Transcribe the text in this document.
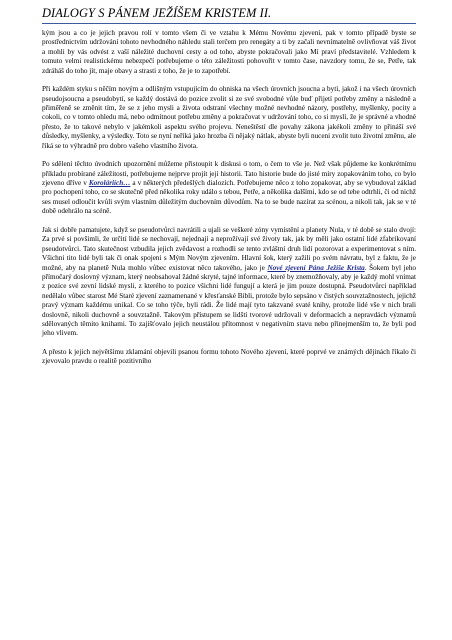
DIALOGY S PÁNEM JEŽÍŠEM KRISTEM II.

kým jsou a co je jejich pravou rolí v tomto všem či ve vztahu k Mému Novému zjevení, pak v tomto případě byste se prostřednictvím udržování tohoto nevhodného náhledu stali terčem pro renegáty a ti by začali nevnímatelně ovlivňovat váš život a mohli by vás odvést z vaší náležité duchovní cesty a od toho, abyste pokračovali jako Mí praví představitelé. Vzhledem k tomuto velmi realistickému nebezpečí potřebujeme o této záležitosti pohovořit v tomto čase, navzdory tomu, že se, Petře, tak zdráháš do toho jít, maje obavy a strasti z toho, že je to zapotřebí.

Při každém styku s něčím novým a odlišným vstupujícím do ohniska na všech úrovních jsoucna a bytí, jakož i na všech úrovních pseudojsoucna a pseudobytí, se každý dostává do pozice zvolit si ze své svobodné vůle buď přijetí potřeby změny a následně a přiměřeně se změnit tím, že se z jeho mysli a života odstraní všechny možné nevhodné názory, postřehy, myšlenky, pocity a cokoli, co v tomto ohledu má, nebo odmítnout potřebu změny a pokračovat v udržování toho, co si myslí, že je správné a vhodné přesto, že to takové nebylo v jakémkoli aspektu svého projevu. Neneštěstí dle povahy zákona jakékoli změny to přináší své důsledky, myšlenky, a výsledky. Toto se nyní neříká jako hrozba či nějaký nátlak, abyste byli nuceni zvolit tuto životní změnu, ale říká se to výhradně pro dobro vašeho vlastního života.

Po sdělení těchto úvodních upozornění můžeme přistoupit k diskusi o tom, o čem to vše je. Než však půjdeme ke konkrétnímu příkladu probírané záležitosti, potřebujeme nejprve projít její historii. Tato historie bude do jisté míry zopakováním toho, co bylo zjeveno dříve v Koroláriích… a v některých předešlých dialozích. Potřebujeme něco z toho zopakovat, aby se vybudoval základ pro pochopení toho, co se skutečně před několika roky událo s tebou, Petře, a několika dalšími, kdo se od tebe odtrhli, či od nichž ses musel odloučit kvůli svým vlastním důležitým duchovním důvodům. Na to se bude nazírat za scénou, a nikoli tak, jak se v té době odehrálo na scéně.

Jak si dobře pamatujete, když se pseudotvůrci navrátili a ujali se veškeré zóny vymístění a planety Nula, v té době se stalo dvojí: Za prvé si povšimli, že určití lidé se nechovají, nejednají a neprožívají své životy tak, jak by měli jako ostatní lidé zfabrikovaní pseudotvůrci. Tato skutečnost vzbudila jejich zvědavost a rozhodli se tento zvláštní druh lidí pozorovat a experimentovat s ním. Všichni tito lidé byli tak či onak spojeni s Mým Novým zjevením. Hlavní šok, který zažili po svém návratu, byl z faktu, že je možné, aby na planetě Nula mohlo vůbec existovat něco takového, jako je Nové zjevení Pána Ježíše Krista. Šokem byl jeho přímočarý doslovný význam, který neobsahoval žádné skryté, tajné informace, které by znemožňovaly, aby je každý mohl vnímat z pozice své zevní lidské mysli, z kterého to pozice všichni lidé fungují a která je jim pouze dostupná. Pseudotvůrci například nedělalo vůbec starost Mé Staré zjevení zaznamenané v křesťanské Bibli, protože bylo sepsáno v čistých souvztažnostech, jejichž pravý význam každému unikal. Co se toho týče, byli rádi. Že lidé mají tyto takzvané svaté knihy, protože lidé vše v nich brali doslovně, nikoli duchovně a souvztažně. Takovým přístupem se lidští tvorové udržovali v deformacích a nepravdách významů sdělovaných těmito knihami. To zajišťovalo jejich neustálou přítomnost v negativním stavu nebo přinejmenším to, že byli pod jeho vlivem.

A přesto k jejich největšímu zklamání objevili psanou formu tohoto Nového zjevení, které poprvé ve známých dějinách říkalo či zjevovalo pravdu o realitě pozitivního
